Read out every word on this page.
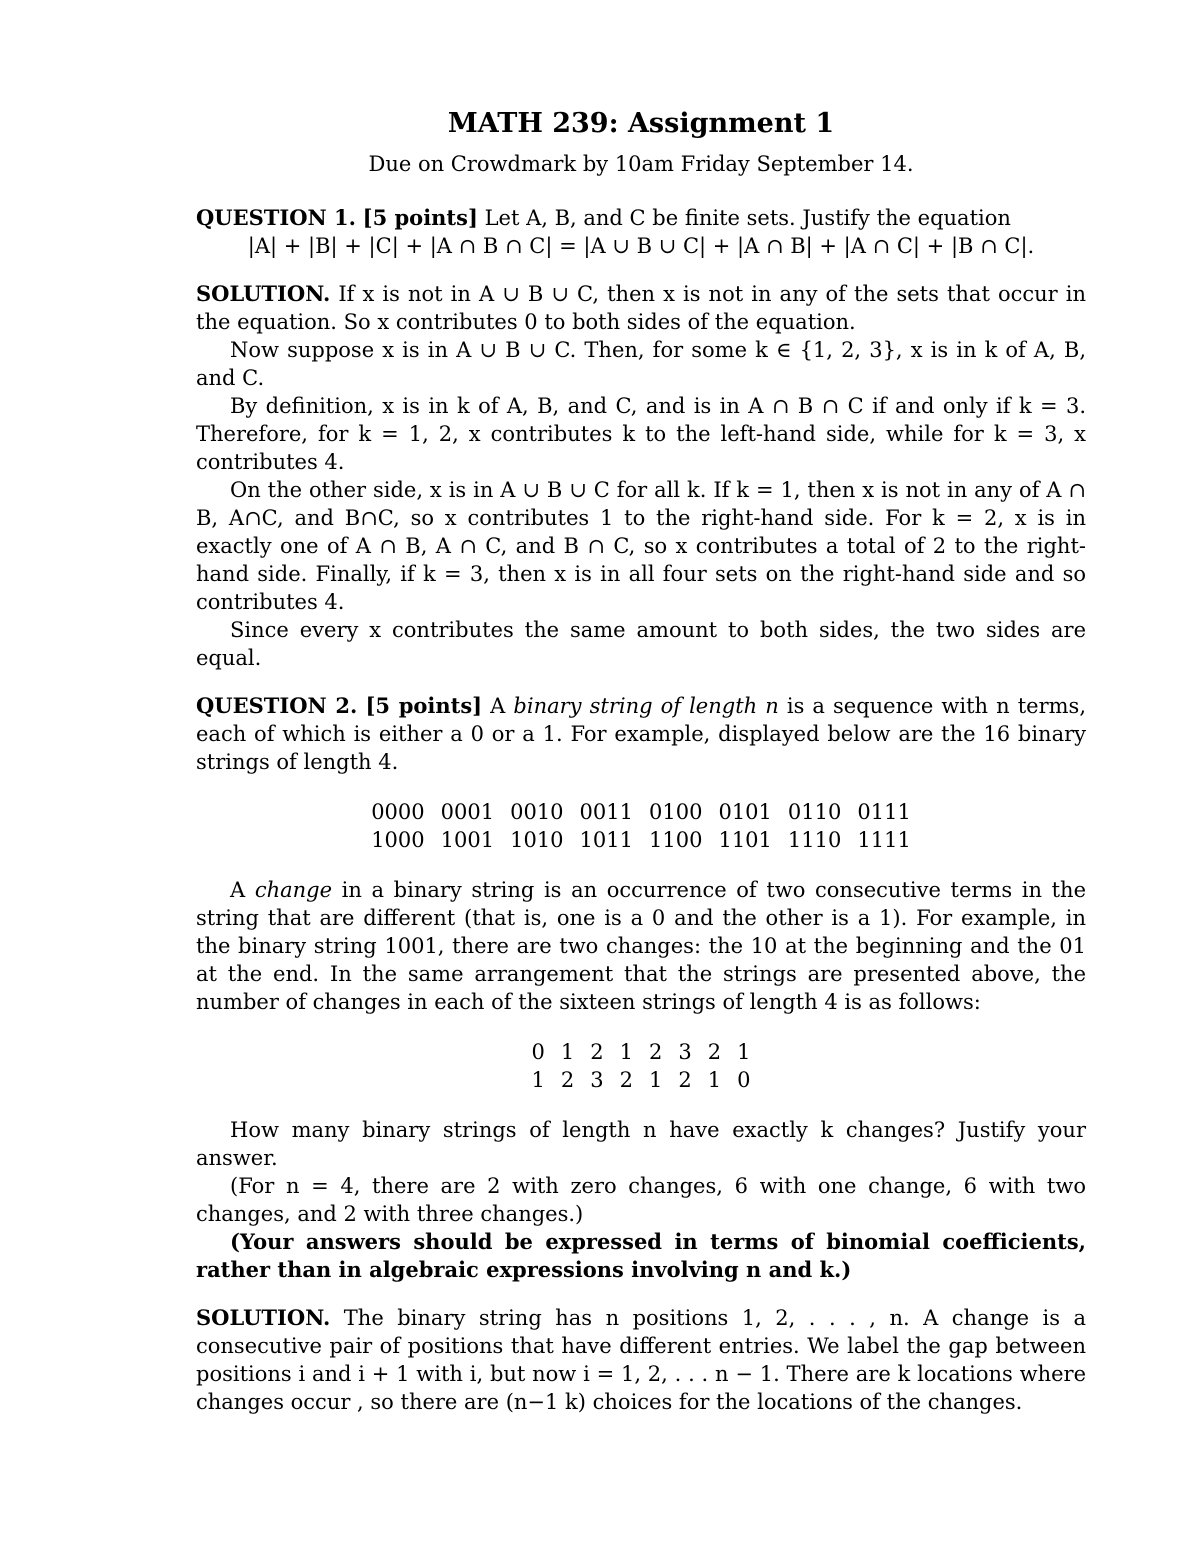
MATH 239: Assignment 1

Due on Crowdmark by 10am Friday September 14.

QUESTION 1. [5 points] Let A, B, and C be finite sets. Justify the equation

|A| + |B| + |C| + |A ∩ B ∩ C| = |A ∪ B ∪ C| + |A ∩ B| + |A ∩ C| + |B ∩ C|.

SOLUTION. If x is not in A ∪ B ∪ C, then x is not in any of the sets that occur in the equation. So x contributes 0 to both sides of the equation.

Now suppose x is in A ∪ B ∪ C. Then, for some k ∈ {1, 2, 3}, x is in k of A, B, and C.

By definition, x is in k of A, B, and C, and is in A ∩ B ∩ C if and only if k = 3. Therefore, for k = 1, 2, x contributes k to the left-hand side, while for k = 3, x contributes 4.

On the other side, x is in A ∪ B ∪ C for all k. If k = 1, then x is not in any of A ∩ B, A∩C, and B∩C, so x contributes 1 to the right-hand side. For k = 2, x is in exactly one of A ∩ B, A ∩ C, and B ∩ C, so x contributes a total of 2 to the right-hand side. Finally, if k = 3, then x is in all four sets on the right-hand side and so contributes 4.

Since every x contributes the same amount to both sides, the two sides are equal.

QUESTION 2. [5 points] A binary string of length n is a sequence with n terms, each of which is either a 0 or a 1. For example, displayed below are the 16 binary strings of length 4.

0000	0001	0010	0011	0100	0101	0110	0111
1000	1001	1010	1011	1100	1101	1110	1111

A change in a binary string is an occurrence of two consecutive terms in the string that are different (that is, one is a 0 and the other is a 1). For example, in the binary string 1001, there are two changes: the 10 at the beginning and the 01 at the end. In the same arrangement that the strings are presented above, the number of changes in each of the sixteen strings of length 4 is as follows:

0	1	2	1	2	3	2	1
1	2	3	2	1	2	1	0

How many binary strings of length n have exactly k changes? Justify your answer.

(For n = 4, there are 2 with zero changes, 6 with one change, 6 with two changes, and 2 with three changes.)

(Your answers should be expressed in terms of binomial coefficients, rather than in algebraic expressions involving n and k.)

SOLUTION. The binary string has n positions 1, 2, . . . , n. A change is a consecutive pair of positions that have different entries. We label the gap between positions i and i + 1 with i, but now i = 1, 2, . . . n − 1. There are k locations where changes occur , so there are (n−1 k) choices for the locations of the changes.
